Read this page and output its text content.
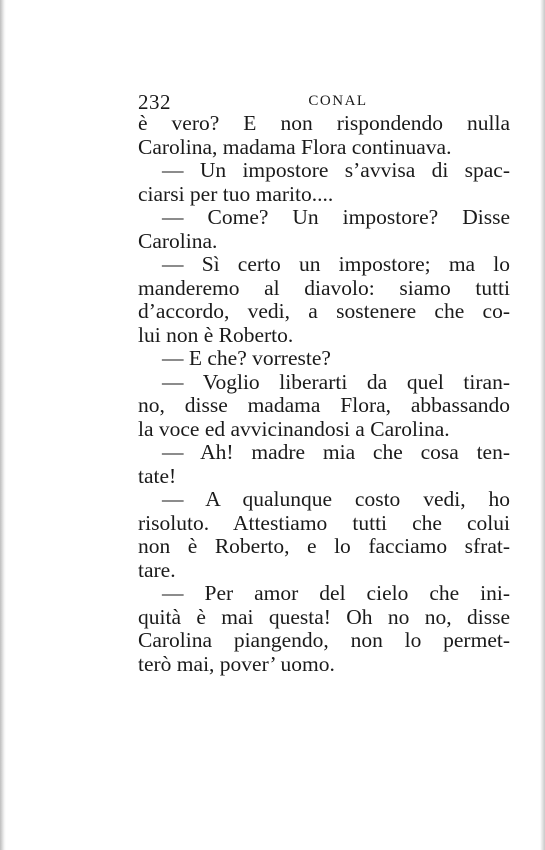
232	CONAL
è vero? E non rispondendo nulla
Carolina, madama Flora continuava.
— Un impostore s’avvisa di spac-
ciarsi per tuo marito....
— Come? Un impostore? Disse
Carolina.
— Sì certo un impostore; ma lo
manderemo al diavolo: siamo tutti
d’accordo, vedi, a sostenere che co-
lui non è Roberto.
— E che? vorreste?
— Voglio liberarti da quel tiran-
no, disse madama Flora, abbassando
la voce ed avvicinandosi a Carolina.
— Ah! madre mia che cosa ten-
tate!
— A qualunque costo vedi, ho
risoluto. Attestiamo tutti che colui
non è Roberto, e lo facciamo sfrat-
tare.
— Per amor del cielo che ini-
quità è mai questa! Oh no no, disse
Carolina piangendo, non lo permet-
terò mai, pover’ uomo.
